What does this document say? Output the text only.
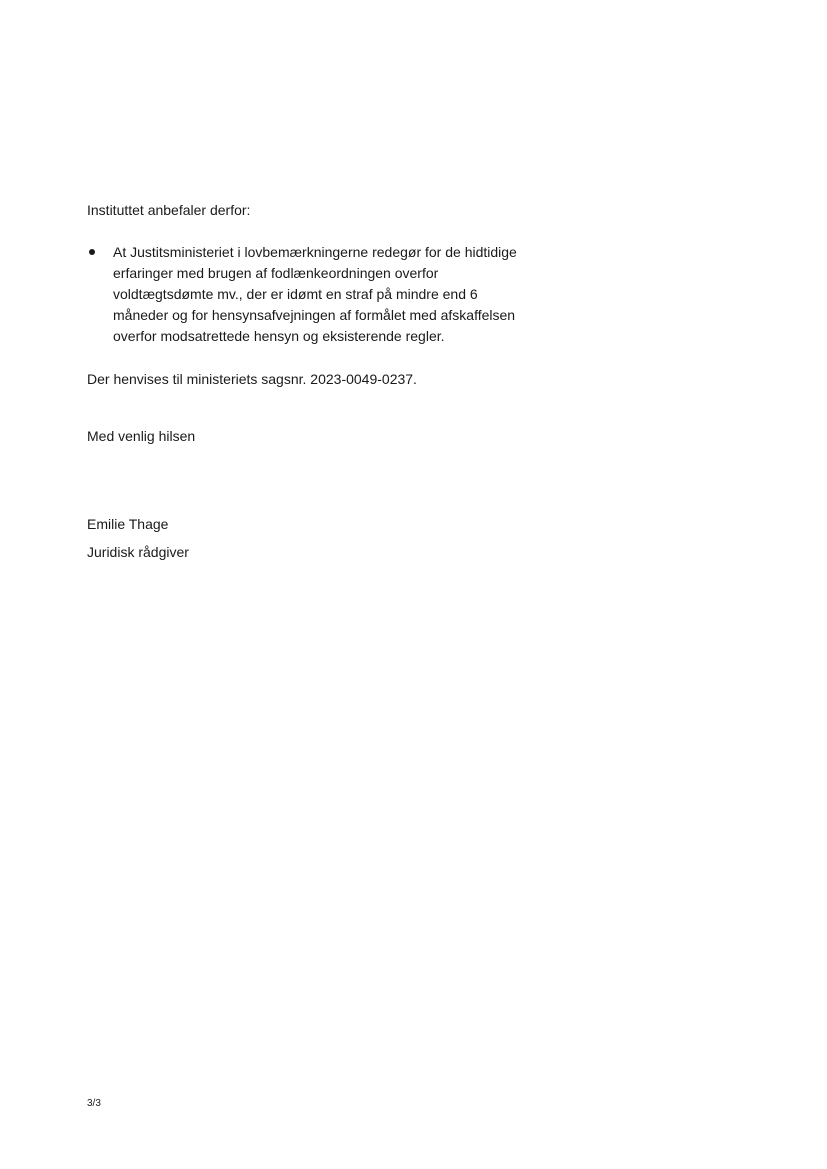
Instituttet anbefaler derfor:
At Justitsministeriet i lovbemærkningerne redegør for de hidtidige
erfaringer med brugen af fodlænkeordningen overfor
voldtægtsdømte mv., der er idømt en straf på mindre end 6
måneder og for hensynsafvejningen af formålet med afskaffelsen
overfor modsatrettede hensyn og eksisterende regler.
Der henvises til ministeriets sagsnr. 2023-0049-0237.
Med venlig hilsen
Emilie Thage
Juridisk rådgiver
3/3
